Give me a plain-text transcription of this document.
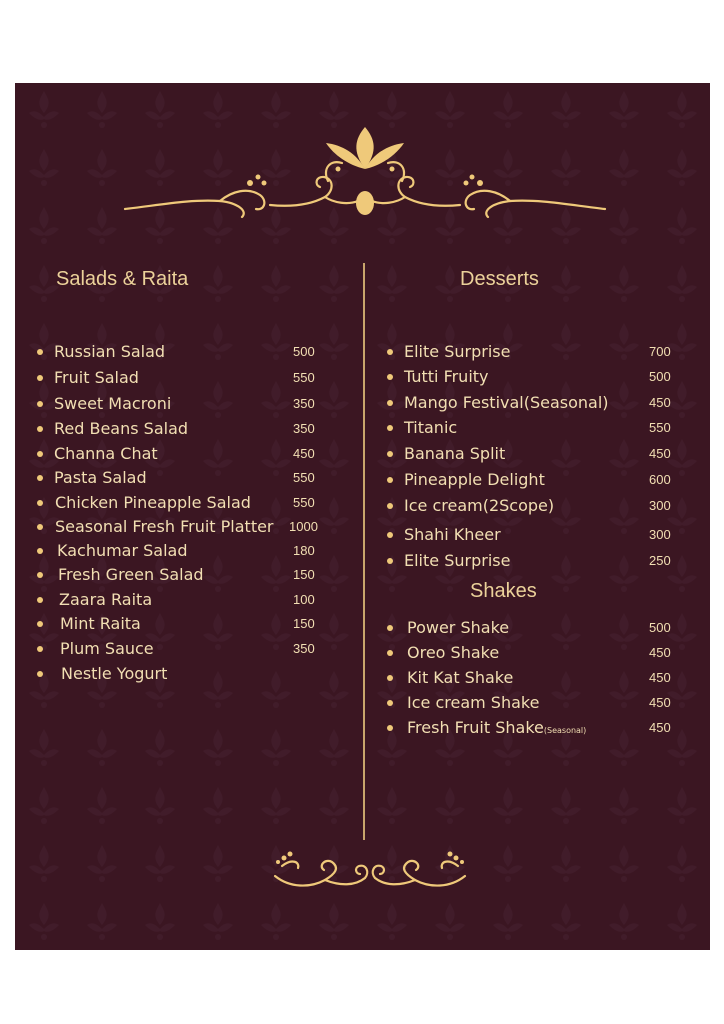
Salads & Raita	Desserts
Shakes
Russian Salad	500
Fruit Salad	550
Sweet Macroni	350
Red Beans Salad	350
Channa Chat	450
Pasta Salad	550
Chicken Pineapple Salad	550
Seasonal Fresh Fruit Platter 1000
Kachumar Salad	180
Fresh Green Salad	150
Zaara Raita	100
Mint Raita	150
Plum Sauce	350
Nestle Yogurt
Elite Surprise	700
Tutti Fruity	500
Mango Festival(Seasonal)	450
Titanic	550
Banana Split	450
Pineapple Delight	600
Ice cream(2Scope)	300
Shahi Kheer	300
Elite Surprise	250
Power Shake	500
Oreo Shake	450
Kit Kat Shake	450
Ice cream Shake	450
Fresh Fruit Shake(Seasonal)	450
